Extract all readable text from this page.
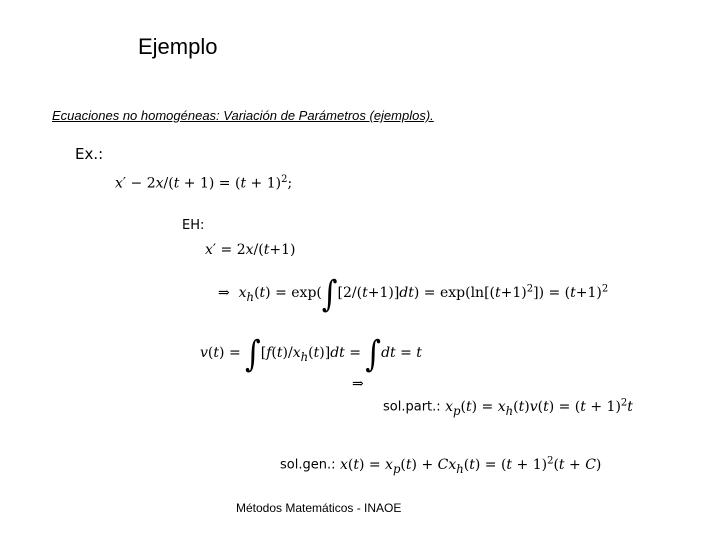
Ejemplo
Ecuaciones no homogéneas: Variación de Parámetros (ejemplos).
Ex.:
$x' - 2x/(t + 1) = (t + 1)^2$;
EH:
x′ = 2x/(t+1)
⇒ $x_h(t) = \exp(\int[2/(t+1)]dt) = \exp(\ln[(t+1)^2]) = (t+1)^2$
$v(t) = \int[f(t)/x_h(t)]dt = \int dt = t$
⇒
sol.part.: $x_p(t) = x_h(t)v(t) = (t + 1)^2t$
sol.gen.: $x(t) = x_p(t) + Cx_h(t) = (t + 1)^2(t + C)$
Métodos Matemáticos - INAOE
